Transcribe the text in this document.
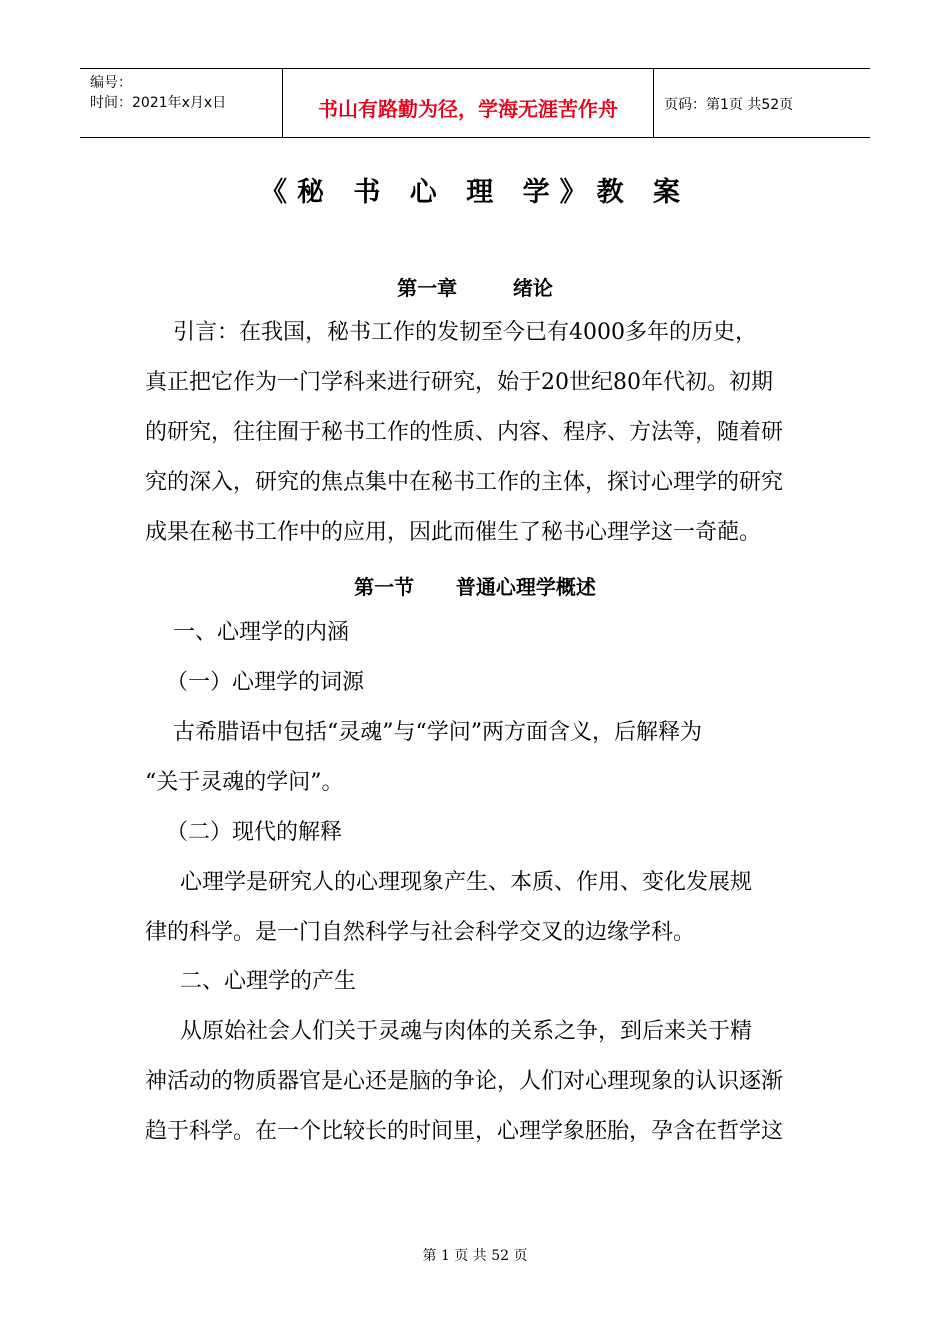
编号：
时间：2021年x月x日	书山有路勤为径，学海无涯苦作舟	页码：第1页 共52页
《秘 书 心 理 学》教 案
第一章        绪论
引言：在我国，秘书工作的发韧至今已有4000多年的历史，
真正把它作为一门学科来进行研究，始于20世纪80年代初。初期
的研究，往往囿于秘书工作的性质、内容、程序、方法等，随着研
究的深入，研究的焦点集中在秘书工作的主体，探讨心理学的研究
成果在秘书工作中的应用，因此而催生了秘书心理学这一奇葩。
第一节      普通心理学概述
一、心理学的内涵
（一）心理学的词源
古希腊语中包括“灵魂”与“学问”两方面含义，后解释为
“关于灵魂的学问”。
（二）现代的解释
心理学是研究人的心理现象产生、本质、作用、变化发展规
律的科学。是一门自然科学与社会科学交叉的边缘学科。
二、心理学的产生
从原始社会人们关于灵魂与肉体的关系之争，到后来关于精
神活动的物质器官是心还是脑的争论，人们对心理现象的认识逐渐
趋于科学。在一个比较长的时间里，心理学象胚胎，孕含在哲学这
第 1 页 共 52 页
